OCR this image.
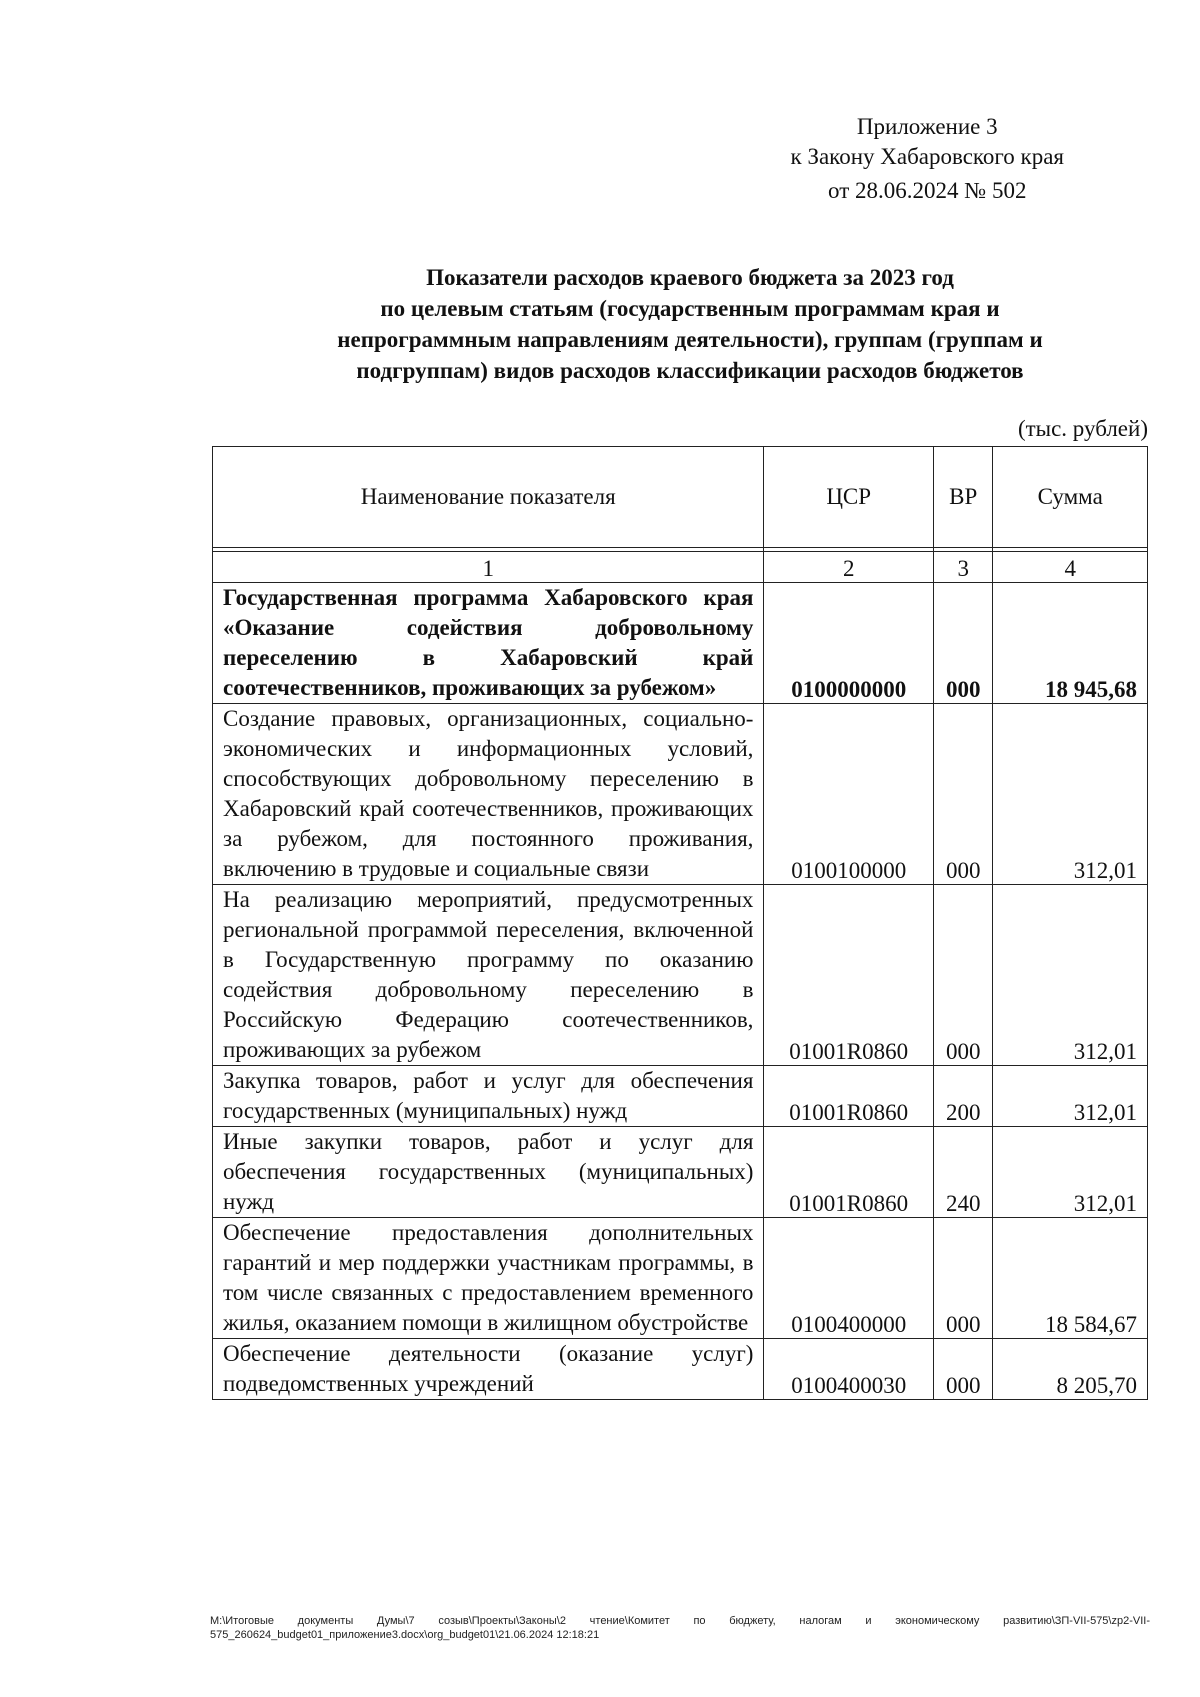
Приложение 3
к Закону Хабаровского края
от 28.06.2024 № 502
Показатели расходов краевого бюджета за 2023 год
по целевым статьям (государственным программам края и
непрограммным направлениям деятельности), группам (группам и
подгруппам) видов расходов классификации расходов бюджетов
(тыс. рублей)
Наименование показателя	ЦСР	ВР	Сумма

1	2	3	4
Государственная программа Хабаровского края «Оказание содействия добровольному переселению в Хабаровский край соотечественников, проживающих за рубежом»	0100000000	000	18 945,68
Создание правовых, организационных, социально-экономических и информационных условий, способствующих добровольному переселению в Хабаровский край соотечественников, проживающих за рубежом, для постоянного проживания, включению в трудовые и социальные связи	0100100000	000	312,01
На реализацию мероприятий, предусмотренных региональной программой переселения, включенной в Государственную программу по оказанию содействия добровольному переселению в Российскую Федерацию соотечественников, проживающих за рубежом	01001R0860	000	312,01
Закупка товаров, работ и услуг для обеспечения государственных (муниципальных) нужд	01001R0860	200	312,01
Иные закупки товаров, работ и услуг для обеспечения государственных (муниципальных) нужд	01001R0860	240	312,01
Обеспечение предоставления дополнительных гарантий и мер поддержки участникам программы, в том числе связанных с предоставлением временного жилья, оказанием помощи в жилищном обустройстве	0100400000	000	18 584,67
Обеспечение деятельности (оказание услуг) подведомственных учреждений	0100400030	000	8 205,70
M:\Итоговые документы Думы\7 созыв\Проекты\Законы\2 чтение\Комитет по бюджету, налогам и экономическому развитию\ЗП-VII-575\zp2-VII-575_260624_budget01_приложение3.docx\org_budget01\21.06.2024 12:18:21
